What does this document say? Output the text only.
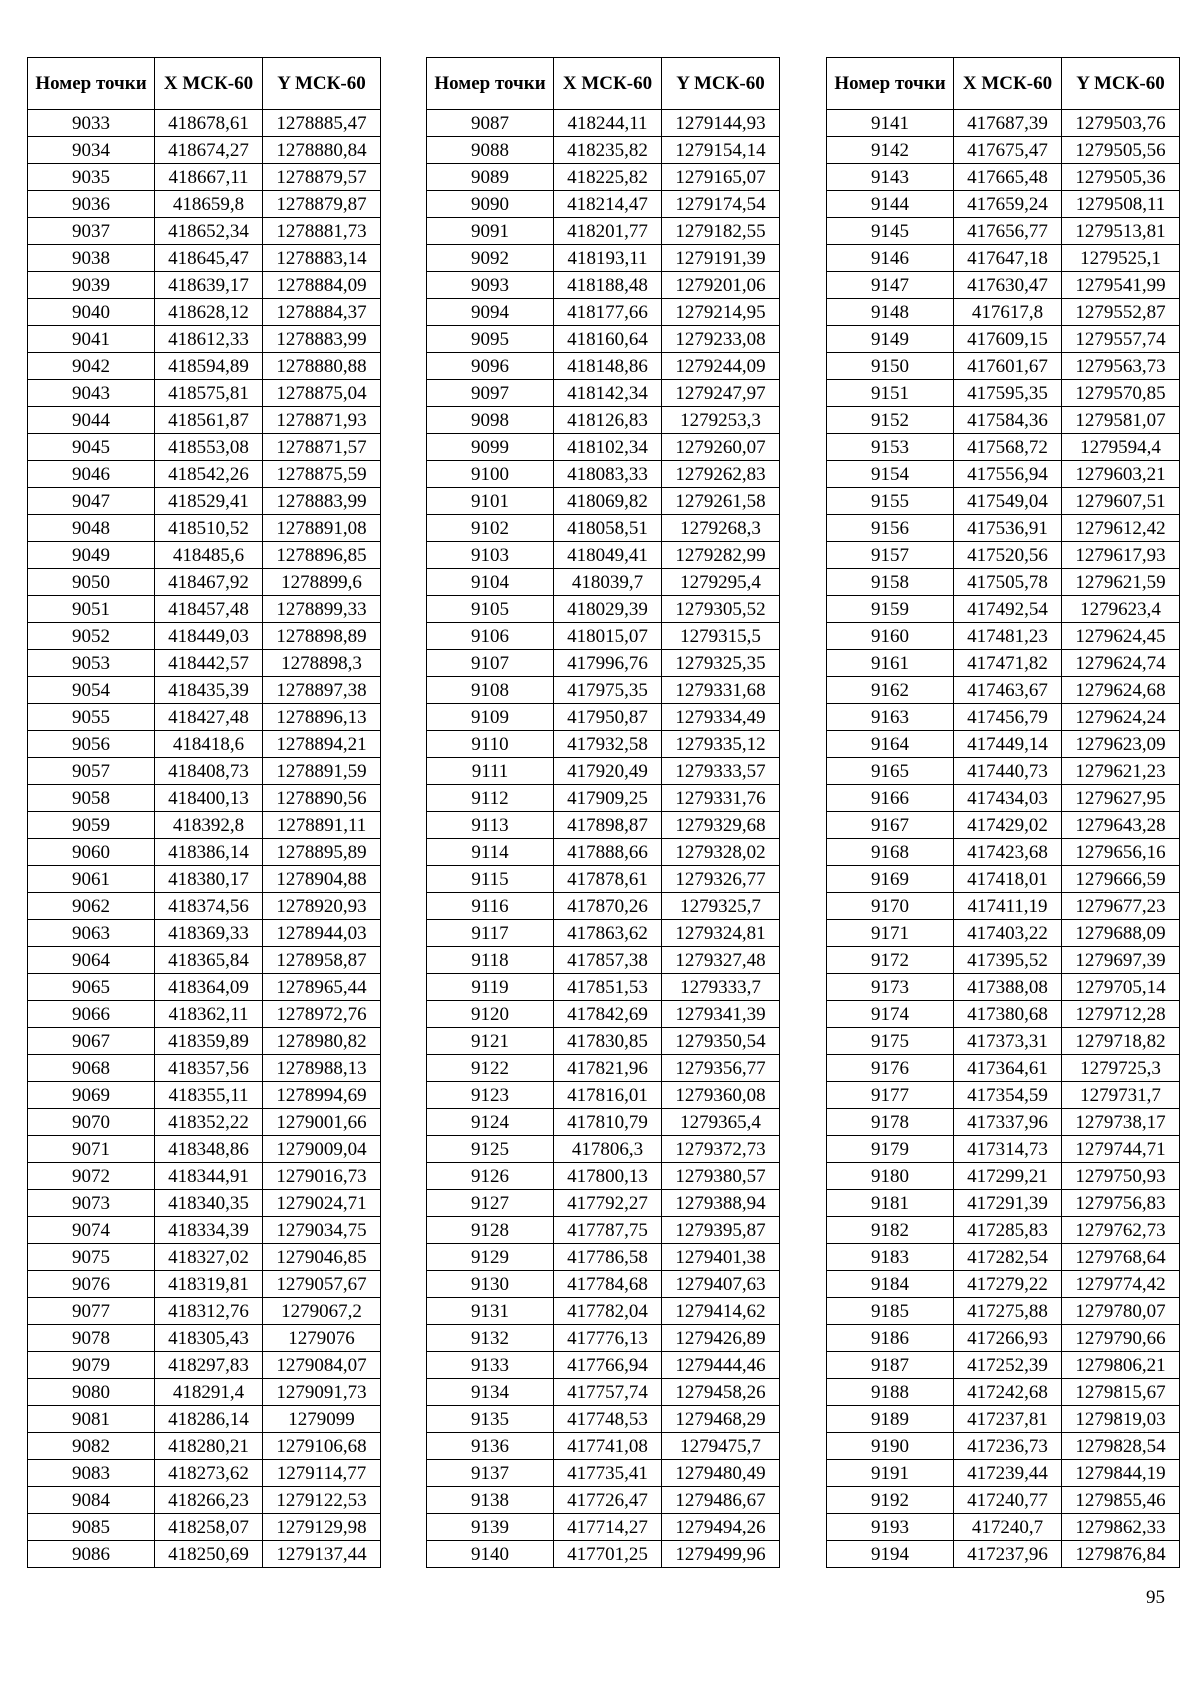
Номер точки	X МСК-60	Y МСК-60
9033	418678,61	1278885,47
9034	418674,27	1278880,84
9035	418667,11	1278879,57
9036	418659,8	1278879,87
9037	418652,34	1278881,73
9038	418645,47	1278883,14
9039	418639,17	1278884,09
9040	418628,12	1278884,37
9041	418612,33	1278883,99
9042	418594,89	1278880,88
9043	418575,81	1278875,04
9044	418561,87	1278871,93
9045	418553,08	1278871,57
9046	418542,26	1278875,59
9047	418529,41	1278883,99
9048	418510,52	1278891,08
9049	418485,6	1278896,85
9050	418467,92	1278899,6
9051	418457,48	1278899,33
9052	418449,03	1278898,89
9053	418442,57	1278898,3
9054	418435,39	1278897,38
9055	418427,48	1278896,13
9056	418418,6	1278894,21
9057	418408,73	1278891,59
9058	418400,13	1278890,56
9059	418392,8	1278891,11
9060	418386,14	1278895,89
9061	418380,17	1278904,88
9062	418374,56	1278920,93
9063	418369,33	1278944,03
9064	418365,84	1278958,87
9065	418364,09	1278965,44
9066	418362,11	1278972,76
9067	418359,89	1278980,82
9068	418357,56	1278988,13
9069	418355,11	1278994,69
9070	418352,22	1279001,66
9071	418348,86	1279009,04
9072	418344,91	1279016,73
9073	418340,35	1279024,71
9074	418334,39	1279034,75
9075	418327,02	1279046,85
9076	418319,81	1279057,67
9077	418312,76	1279067,2
9078	418305,43	1279076
9079	418297,83	1279084,07
9080	418291,4	1279091,73
9081	418286,14	1279099
9082	418280,21	1279106,68
9083	418273,62	1279114,77
9084	418266,23	1279122,53
9085	418258,07	1279129,98
9086	418250,69	1279137,44
Номер точки	X МСК-60	Y МСК-60
9087	418244,11	1279144,93
9088	418235,82	1279154,14
9089	418225,82	1279165,07
9090	418214,47	1279174,54
9091	418201,77	1279182,55
9092	418193,11	1279191,39
9093	418188,48	1279201,06
9094	418177,66	1279214,95
9095	418160,64	1279233,08
9096	418148,86	1279244,09
9097	418142,34	1279247,97
9098	418126,83	1279253,3
9099	418102,34	1279260,07
9100	418083,33	1279262,83
9101	418069,82	1279261,58
9102	418058,51	1279268,3
9103	418049,41	1279282,99
9104	418039,7	1279295,4
9105	418029,39	1279305,52
9106	418015,07	1279315,5
9107	417996,76	1279325,35
9108	417975,35	1279331,68
9109	417950,87	1279334,49
9110	417932,58	1279335,12
9111	417920,49	1279333,57
9112	417909,25	1279331,76
9113	417898,87	1279329,68
9114	417888,66	1279328,02
9115	417878,61	1279326,77
9116	417870,26	1279325,7
9117	417863,62	1279324,81
9118	417857,38	1279327,48
9119	417851,53	1279333,7
9120	417842,69	1279341,39
9121	417830,85	1279350,54
9122	417821,96	1279356,77
9123	417816,01	1279360,08
9124	417810,79	1279365,4
9125	417806,3	1279372,73
9126	417800,13	1279380,57
9127	417792,27	1279388,94
9128	417787,75	1279395,87
9129	417786,58	1279401,38
9130	417784,68	1279407,63
9131	417782,04	1279414,62
9132	417776,13	1279426,89
9133	417766,94	1279444,46
9134	417757,74	1279458,26
9135	417748,53	1279468,29
9136	417741,08	1279475,7
9137	417735,41	1279480,49
9138	417726,47	1279486,67
9139	417714,27	1279494,26
9140	417701,25	1279499,96
Номер точки	X МСК-60	Y МСК-60
9141	417687,39	1279503,76
9142	417675,47	1279505,56
9143	417665,48	1279505,36
9144	417659,24	1279508,11
9145	417656,77	1279513,81
9146	417647,18	1279525,1
9147	417630,47	1279541,99
9148	417617,8	1279552,87
9149	417609,15	1279557,74
9150	417601,67	1279563,73
9151	417595,35	1279570,85
9152	417584,36	1279581,07
9153	417568,72	1279594,4
9154	417556,94	1279603,21
9155	417549,04	1279607,51
9156	417536,91	1279612,42
9157	417520,56	1279617,93
9158	417505,78	1279621,59
9159	417492,54	1279623,4
9160	417481,23	1279624,45
9161	417471,82	1279624,74
9162	417463,67	1279624,68
9163	417456,79	1279624,24
9164	417449,14	1279623,09
9165	417440,73	1279621,23
9166	417434,03	1279627,95
9167	417429,02	1279643,28
9168	417423,68	1279656,16
9169	417418,01	1279666,59
9170	417411,19	1279677,23
9171	417403,22	1279688,09
9172	417395,52	1279697,39
9173	417388,08	1279705,14
9174	417380,68	1279712,28
9175	417373,31	1279718,82
9176	417364,61	1279725,3
9177	417354,59	1279731,7
9178	417337,96	1279738,17
9179	417314,73	1279744,71
9180	417299,21	1279750,93
9181	417291,39	1279756,83
9182	417285,83	1279762,73
9183	417282,54	1279768,64
9184	417279,22	1279774,42
9185	417275,88	1279780,07
9186	417266,93	1279790,66
9187	417252,39	1279806,21
9188	417242,68	1279815,67
9189	417237,81	1279819,03
9190	417236,73	1279828,54
9191	417239,44	1279844,19
9192	417240,77	1279855,46
9193	417240,7	1279862,33
9194	417237,96	1279876,84
95
